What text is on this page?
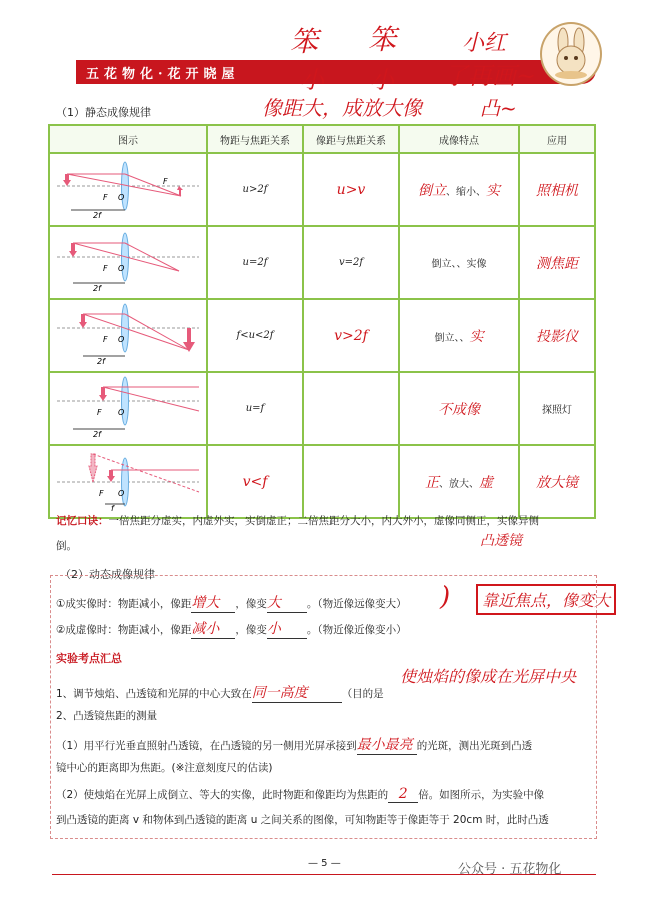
五花物化·花开晓屋
笨 笨	小红
小 小 了再画~
像距大，成放大像	凸~
（1）静态成像规律
图示	物距与焦距关系	像距与焦距关系	成像特点	应用

F O
F
2f	u>2f	u>v	倒立、缩小、实	照相机

F O
2f	u=2f	v=2f	倒立、、实像	测焦距

F O
2f	f<u<2f	v>2f	倒立、、实	投影仪

F O
2f	u=f		不成像	探照灯

F O
f	v<f		正、放大、虚	放大镜
记忆口诀：一倍焦距分虚实，内虚外实，实倒虚正；二倍焦距分大小，内大外小，虚像同侧正，实像异侧
倒。	凸透镜
（2）动态成像规律
①成实像时：物距减小，像距增大 ，像变大 。（物近像远像变大）
②成虚像时：物距减小，像距减小 ，像变小 。（物近像近像变小）
)	靠近焦点，像变大
实验考点汇总
1、调节烛焰、凸透镜和光屏的中心大致在同一高度	（目的是
使烛焰的像成在光屏中央
2、凸透镜焦距的测量
（1）用平行光垂直照射凸透镜，在凸透镜的另一侧用光屏承接到最小最亮 的光斑，测出光斑到凸透
镜中心的距离即为焦距。(※注意刻度尺的估读)
（2）使烛焰在光屏上成倒立、等大的实像，此时物距和像距均为焦距的 2 倍。如图所示，为实验中像
到凸透镜的距离 v 和物体到凸透镜的距离 u 之间关系的图像，可知物距等于像距等于 20cm 时，此时凸透
— 5 —	公众号 · 五花物化
